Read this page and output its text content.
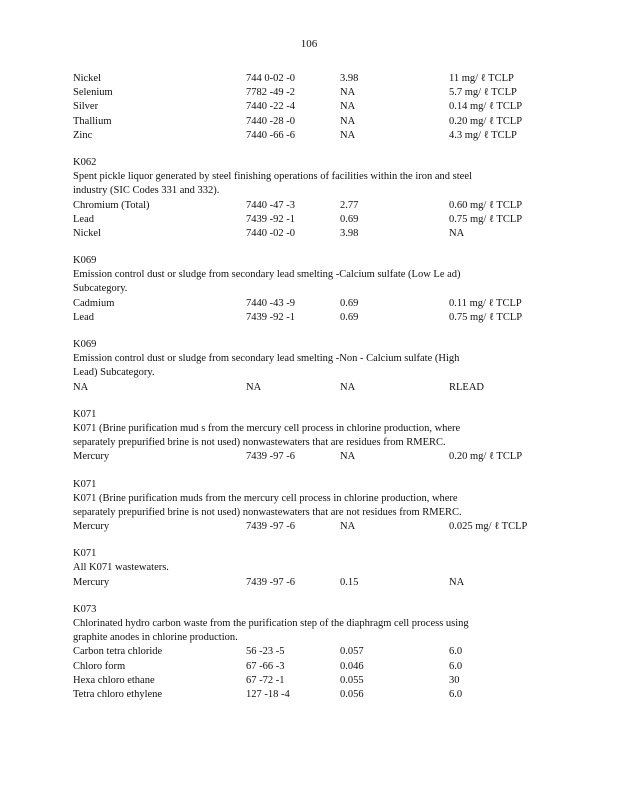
106
Nickel	744 0-02 -0	3.98	11 mg/ ℓ TCLP
Selenium	7782 -49 -2	NA	5.7 mg/ ℓ TCLP
Silver	7440 -22 -4	NA	0.14 mg/ ℓ TCLP
Thallium	7440 -28 -0	NA	0.20 mg/ ℓ TCLP
Zinc	7440 -66 -6	NA	4.3 mg/ ℓ TCLP
K062
Spent pickle liquor generated by steel finishing operations of facilities within the iron and steel
industry (SIC Codes 331 and 332).
Chromium (Total)	7440 -47 -3	2.77	0.60 mg/ ℓ TCLP
Lead	7439 -92 -1	0.69	0.75 mg/ ℓ TCLP
Nickel	7440 -02 -0	3.98	NA
K069
Emission control dust or sludge from secondary lead smelting -Calcium sulfate (Low Le ad)
Subcategory.
Cadmium	7440 -43 -9	0.69	0.11 mg/ ℓ TCLP
Lead	7439 -92 -1	0.69	0.75 mg/ ℓ TCLP
K069
Emission control dust or sludge from secondary lead smelting -Non - Calcium sulfate (High
Lead) Subcategory.
NA	NA	NA	RLEAD
K071
K071 (Brine purification mud s from the mercury cell process in chlorine production, where
separately prepurified brine is not used) nonwastewaters that are residues from RMERC.
Mercury	7439 -97 -6	NA	0.20 mg/ ℓ TCLP
K071
K071 (Brine purification muds from the mercury cell process in chlorine production, where
separately prepurified brine is not used) nonwastewaters that are not residues from RMERC.
Mercury	7439 -97 -6	NA	0.025 mg/ ℓ TCLP
K071
All K071 wastewaters.
Mercury	7439 -97 -6	0.15	NA
K073
Chlorinated hydro carbon waste from the purification step of the diaphragm cell process using
graphite anodes in chlorine production.
Carbon tetra chloride	56 -23 -5	0.057	6.0
Chloro form	67 -66 -3	0.046	6.0
Hexa chloro ethane	67 -72 -1	0.055	30
Tetra chloro ethylene	127 -18 -4	0.056	6.0
